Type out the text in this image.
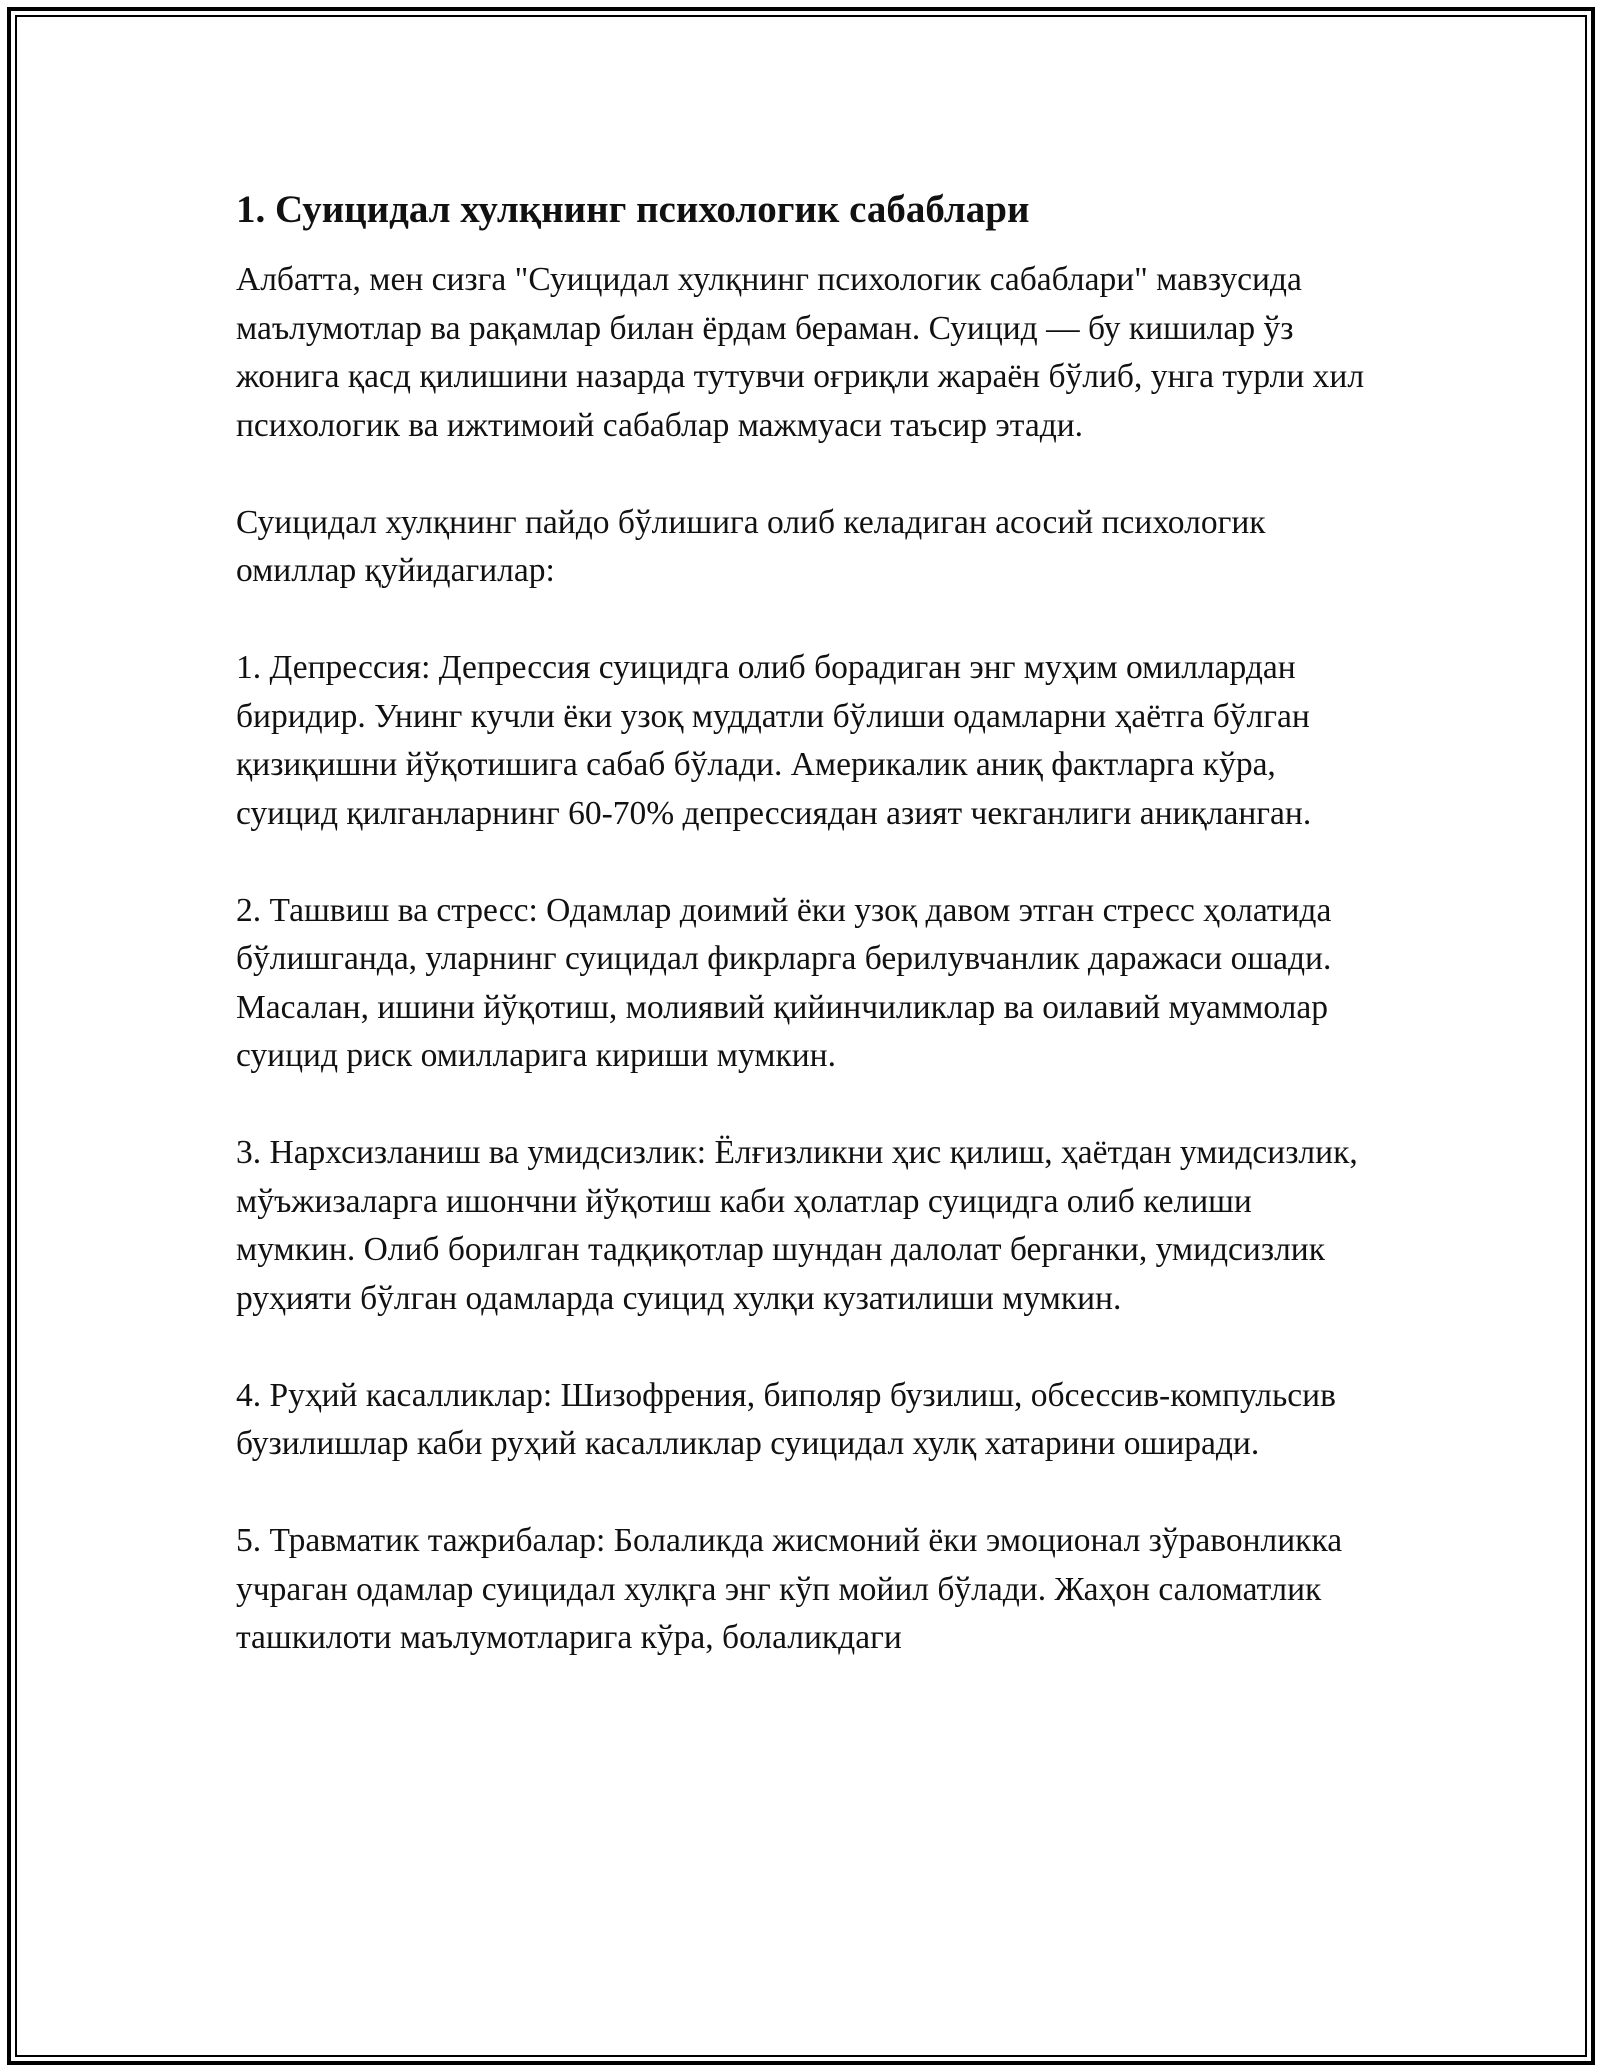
1. Суицидал хулқнинг психологик сабаблари

Албатта, мен сизга "Суицидал хулқнинг психологик сабаблари" мавзусида маълумотлар ва рақамлар билан ёрдам бераман. Суицид — бу кишилар ўз жонига қасд қилишини назарда тутувчи оғриқли жараён бўлиб, унга турли хил психологик ва ижтимоий сабаблар мажмуаси таъсир этади.

Суицидал хулқнинг пайдо бўлишига олиб келадиган асосий психологик омиллар қуйидагилар:

1. Депрессия: Депрессия суицидга олиб борадиган энг муҳим омиллардан биридир. Унинг кучли ёки узоқ муддатли бўлиши одамларни ҳаётга бўлган қизиқишни йўқотишига сабаб бўлади. Америкалик аниқ фактларга кўра, суицид қилганларнинг 60-70% депрессиядан азият чекганлиги аниқланган.

2. Ташвиш ва стресс: Одамлар доимий ёки узоқ давом этган стресс ҳолатида бўлишганда, уларнинг суицидал фикрларга берилувчанлик даражаси ошади. Масалан, ишини йўқотиш, молиявий қийинчиликлар ва оилавий муаммолар суицид риск омилларига кириши мумкин.

3. Нархсизланиш ва умидсизлик: Ёлғизликни ҳис қилиш, ҳаётдан умидсизлик, мўъжизаларга ишончни йўқотиш каби ҳолатлар суицидга олиб келиши мумкин. Олиб борилган тадқиқотлар шундан далолат берганки, умидсизлик руҳияти бўлган одамларда суицид хулқи кузатилиши мумкин.

4. Руҳий касалликлар: Шизофрения, биполяр бузилиш, обсессив-компульсив бузилишлар каби руҳий касалликлар суицидал хулқ хатарини оширади.

5. Травматик тажрибалар: Болаликда жисмоний ёки эмоционал зўравонликка учраган одамлар суицидал хулқга энг кўп мойил бўлади. Жаҳон саломатлик ташкилоти маълумотларига кўра, болаликдаги
